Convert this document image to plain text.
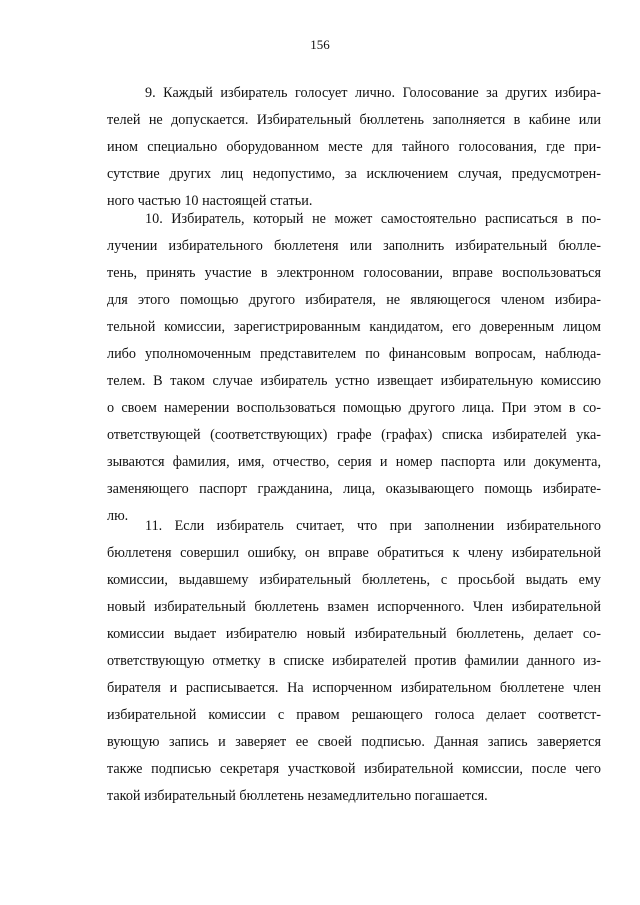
156
9. Каждый избиратель голосует лично. Голосование за других избира-
телей не допускается. Избирательный бюллетень заполняется в кабине или
ином специально оборудованном месте для тайного голосования, где при-
сутствие других лиц недопустимо, за исключением случая, предусмотрен-
ного частью 10 настоящей статьи.
10. Избиратель, который не может самостоятельно расписаться в по-
лучении избирательного бюллетеня или заполнить избирательный бюлле-
тень, принять участие в электронном голосовании, вправе воспользоваться
для этого помощью другого избирателя, не являющегося членом избира-
тельной комиссии, зарегистрированным кандидатом, его доверенным лицом
либо уполномоченным представителем по финансовым вопросам, наблюда-
телем. В таком случае избиратель устно извещает избирательную комиссию
о своем намерении воспользоваться помощью другого лица. При этом в со-
ответствующей (соответствующих) графе (графах) списка избирателей ука-
зываются фамилия, имя, отчество, серия и номер паспорта или документа,
заменяющего паспорт гражданина, лица, оказывающего помощь избирате-
лю.
11. Если избиратель считает, что при заполнении избирательного
бюллетеня совершил ошибку, он вправе обратиться к члену избирательной
комиссии, выдавшему избирательный бюллетень, с просьбой выдать ему
новый избирательный бюллетень взамен испорченного. Член избирательной
комиссии выдает избирателю новый избирательный бюллетень, делает со-
ответствующую отметку в списке избирателей против фамилии данного из-
бирателя и расписывается. На испорченном избирательном бюллетене член
избирательной комиссии с правом решающего голоса делает соответст-
вующую запись и заверяет ее своей подписью. Данная запись заверяется
также подписью секретаря участковой избирательной комиссии, после чего
такой избирательный бюллетень незамедлительно погашается.
